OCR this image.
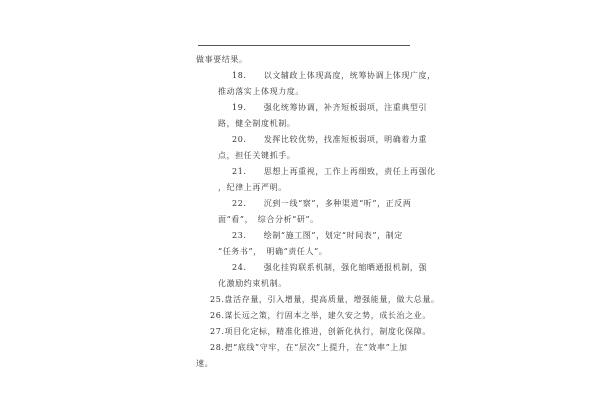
做事要结果。
18.　　以文辅政上体现高度，统筹协调上体现广度，
推动落实上体现力度。
19.　　强化统筹协调，补齐短板弱项，注重典型引
路，健全制度机制。
20.　　发挥比较优势，找准短板弱项，明确着力重
点，担任关键抓手。
21.　　思想上再重视，工作上再细致，责任上再强化
，纪律上再严明。
22.　　沉到一线“察”，多种渠道“听”，正反两
面“看”，　综合分析“研”。
23.　　绘制“施工图”，划定“时间表”，制定
“任务书”，　明确“责任人”。
24.　　强化挂钩联系机制，强化缩晒通报机制，强
化激励约束机制。
25.盘活存量，引入增量，提高质量，增强能量，做大总量。
26.谋长远之策，行固本之举，建久安之势，成长治之业。
27.项目化定标，精准化推进，创新化执行，制度化保障。
28.把“底线”守牢，在“层次”上提升，在“效率”上加
速。
